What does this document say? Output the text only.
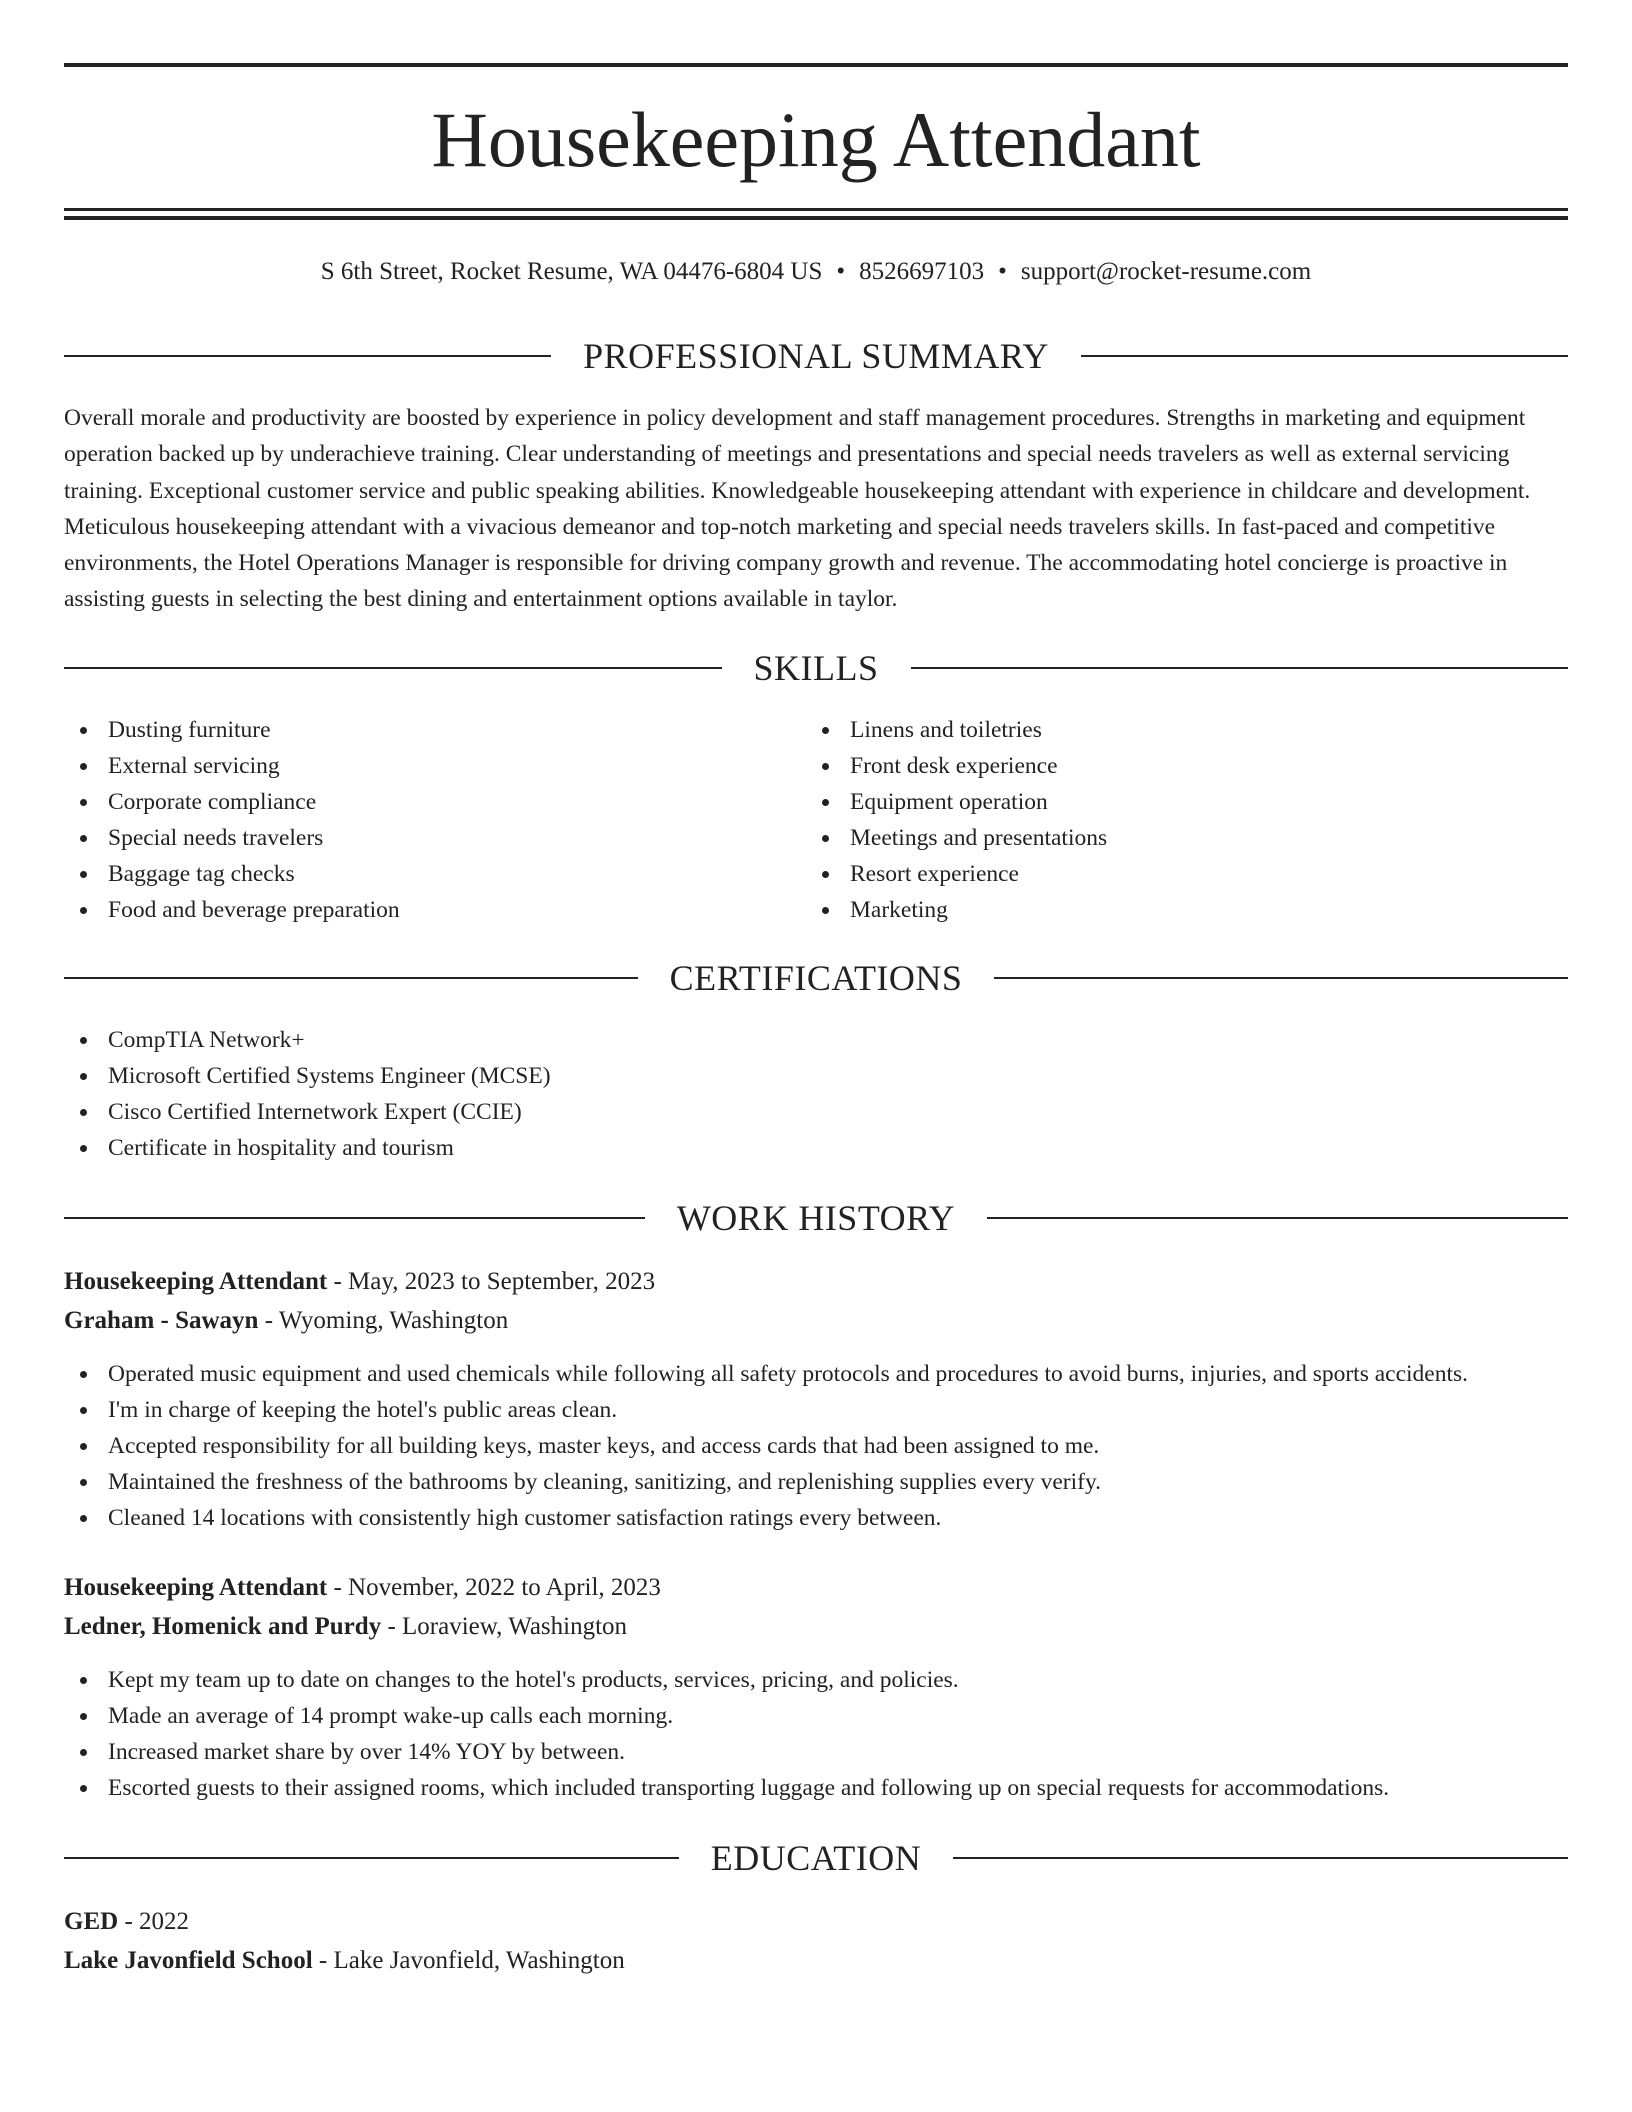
Housekeeping Attendant
S 6th Street, Rocket Resume, WA 04476-6804 US • 8526697103 • support@rocket-resume.com
PROFESSIONAL SUMMARY

Overall morale and productivity are boosted by experience in policy development and staff management procedures. Strengths in marketing and equipment operation backed up by underachieve training. Clear understanding of meetings and presentations and special needs travelers as well as external servicing training. Exceptional customer service and public speaking abilities. Knowledgeable housekeeping attendant with experience in childcare and development. Meticulous housekeeping attendant with a vivacious demeanor and top-notch marketing and special needs travelers skills. In fast-paced and competitive environments, the Hotel Operations Manager is responsible for driving company growth and revenue. The accommodating hotel concierge is proactive in assisting guests in selecting the best dining and entertainment options available in taylor.

SKILLS
Dusting furniture
External servicing
Corporate compliance
Special needs travelers
Baggage tag checks
Food and beverage preparation
Linens and toiletries
Front desk experience
Equipment operation
Meetings and presentations
Resort experience
Marketing
CERTIFICATIONS
CompTIA Network+
Microsoft Certified Systems Engineer (MCSE)
Cisco Certified Internetwork Expert (CCIE)
Certificate in hospitality and tourism
WORK HISTORY
Housekeeping Attendant - May, 2023 to September, 2023
Graham - Sawayn - Wyoming, Washington
Operated music equipment and used chemicals while following all safety protocols and procedures to avoid burns, injuries, and sports accidents.
I'm in charge of keeping the hotel's public areas clean.
Accepted responsibility for all building keys, master keys, and access cards that had been assigned to me.
Maintained the freshness of the bathrooms by cleaning, sanitizing, and replenishing supplies every verify.
Cleaned 14 locations with consistently high customer satisfaction ratings every between.
Housekeeping Attendant - November, 2022 to April, 2023
Ledner, Homenick and Purdy - Loraview, Washington
Kept my team up to date on changes to the hotel's products, services, pricing, and policies.
Made an average of 14 prompt wake-up calls each morning.
Increased market share by over 14% YOY by between.
Escorted guests to their assigned rooms, which included transporting luggage and following up on special requests for accommodations.
EDUCATION
GED - 2022
Lake Javonfield School - Lake Javonfield, Washington
